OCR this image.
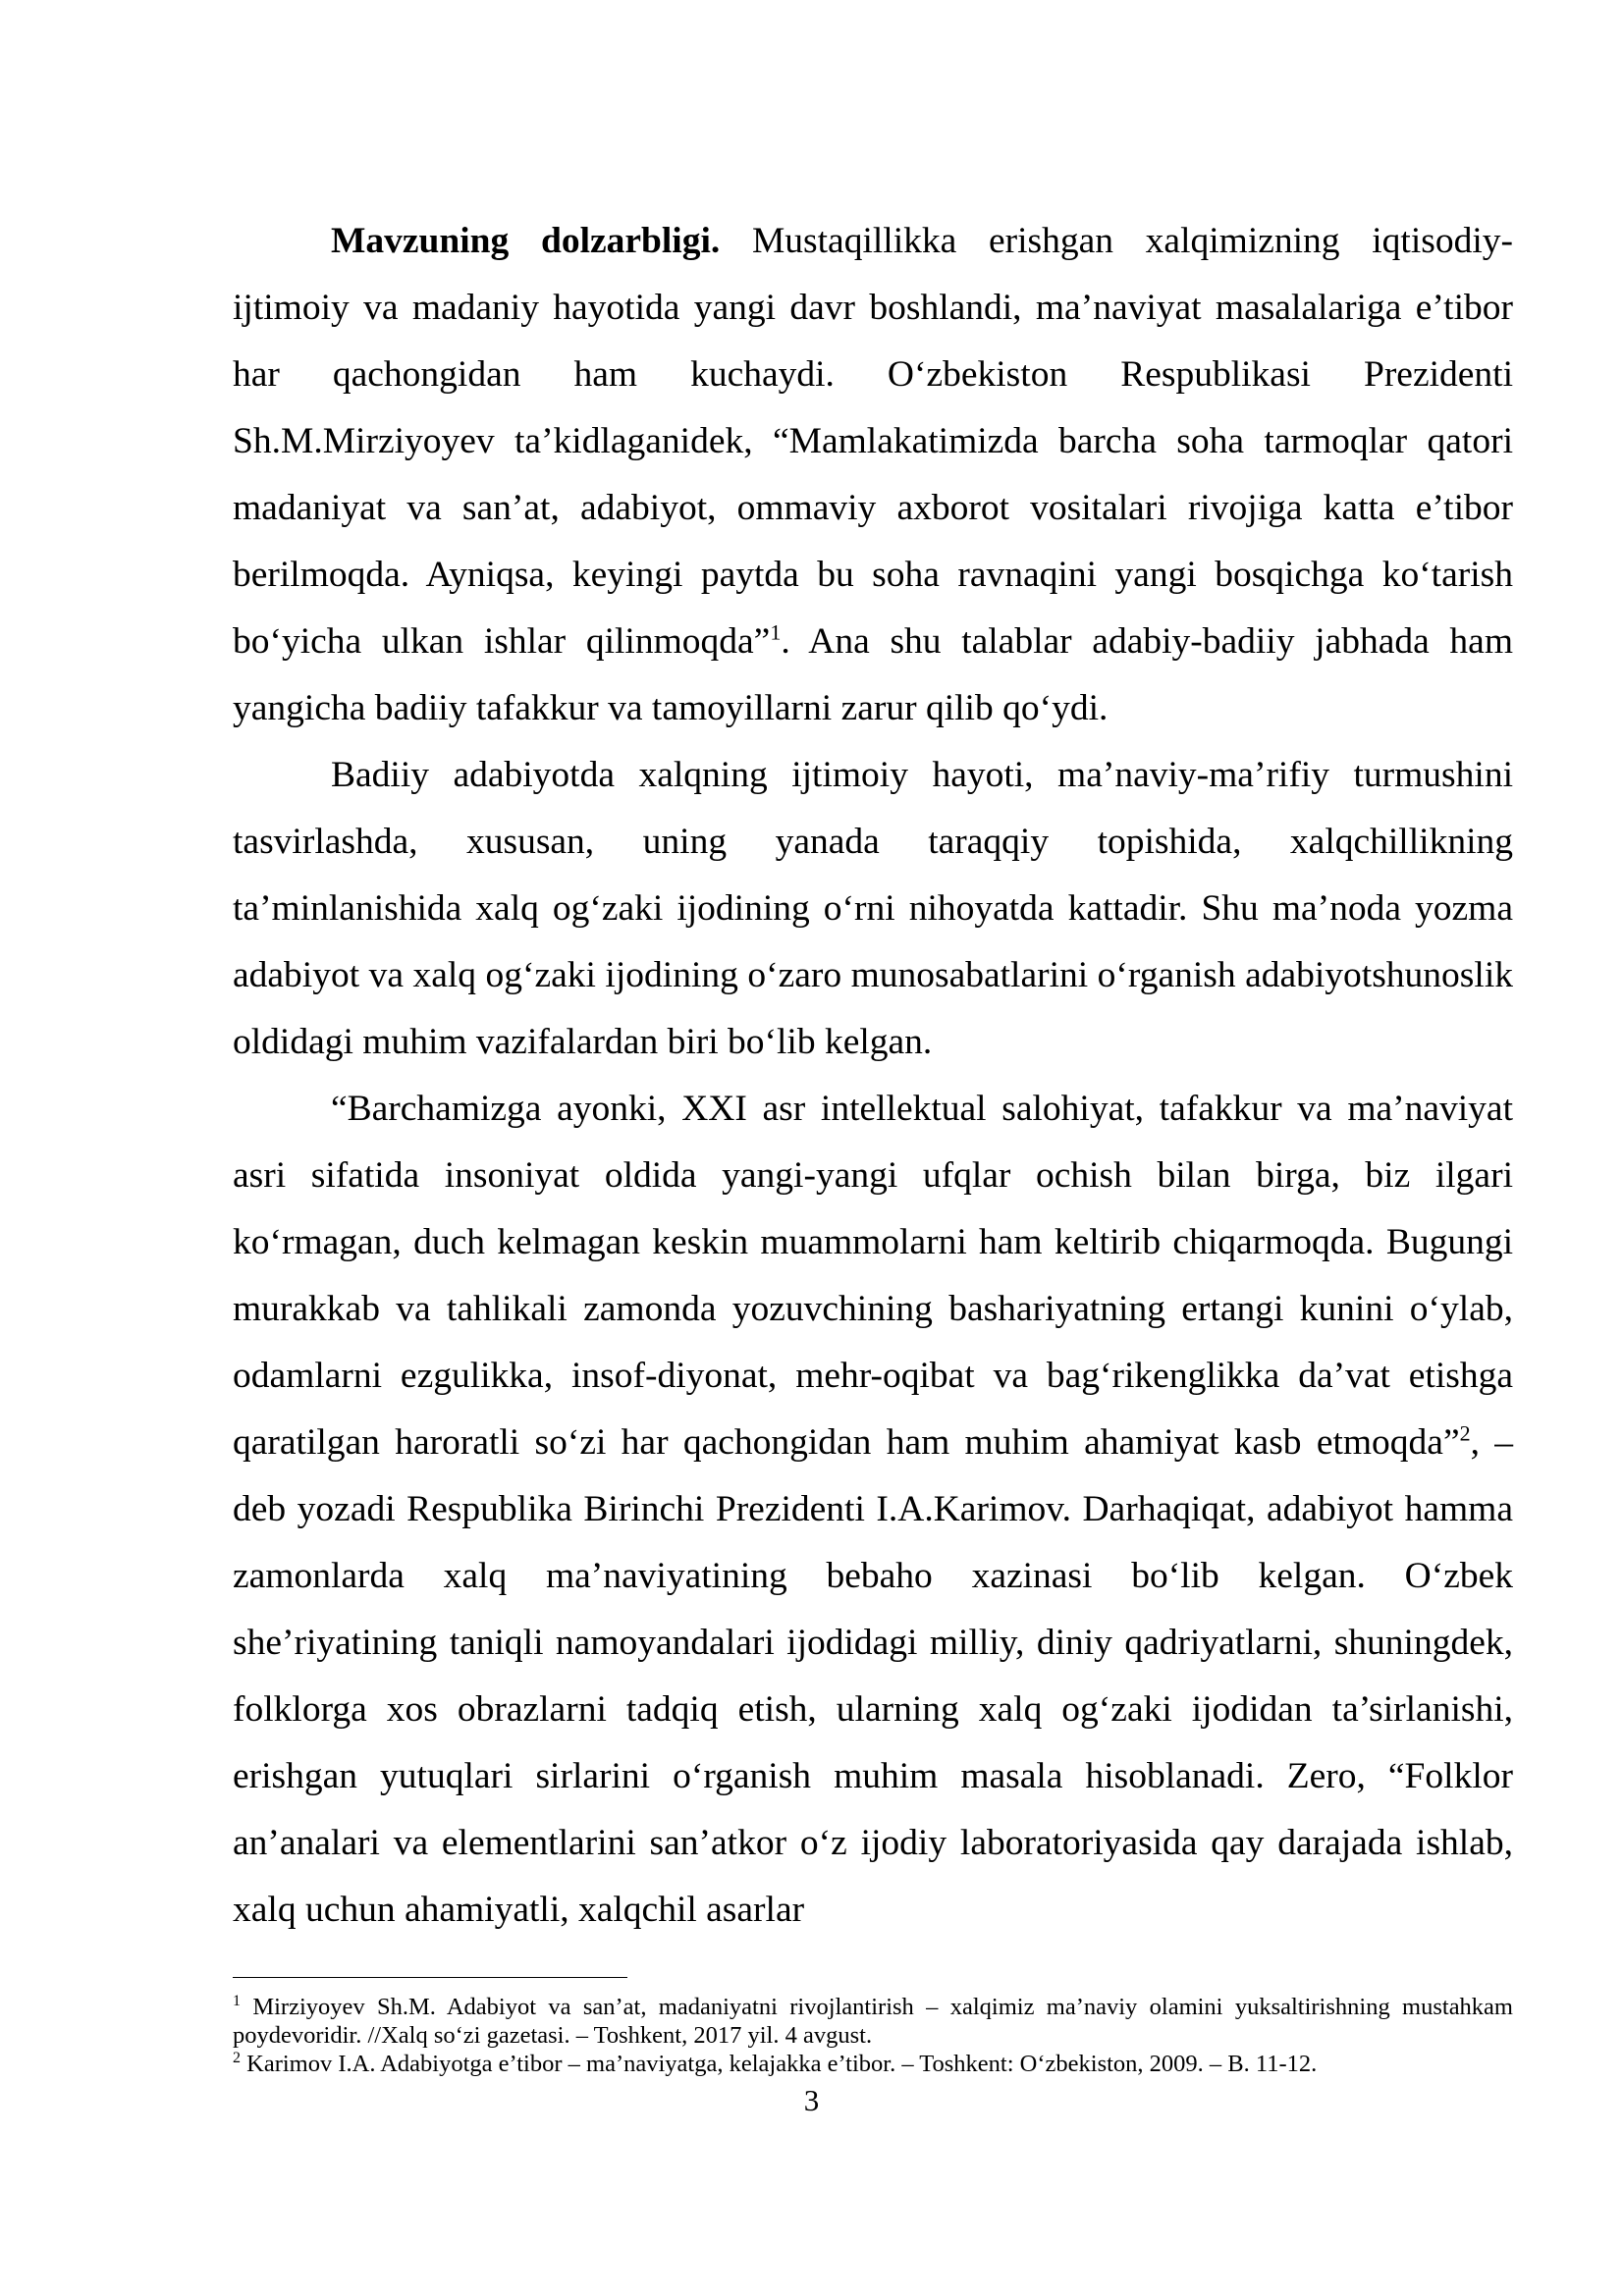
Mavzuning dolzarbligi. Mustaqillikka erishgan xalqimizning iqtisodiy-ijtimoiy va madaniy hayotida yangi davr boshlandi, ma’naviyat masalalariga e’tibor har qachongidan ham kuchaydi. O‘zbekiston Respublikasi Prezidenti Sh.M.Mirziyoyev ta’kidlaganidek, “Mamlakatimizda barcha soha tarmoqlar qatori madaniyat va san’at, adabiyot, ommaviy axborot vositalari rivojiga katta e’tibor berilmoqda. Ayniqsa, keyingi paytda bu soha ravnaqini yangi bosqichga ko‘tarish bo‘yicha ulkan ishlar qilinmoqda”$^1$. Ana shu talablar adabiy-badiiy jabhada ham yangicha badiiy tafakkur va tamoyillarni zarur qilib qo‘ydi.

Badiiy adabiyotda xalqning ijtimoiy hayoti, ma’naviy-ma’rifiy turmushini tasvirlashda, xususan, uning yanada taraqqiy topishida, xalqchillikning ta’minlanishida xalq og‘zaki ijodining o‘rni nihoyatda kattadir. Shu ma’noda yozma adabiyot va xalq og‘zaki ijodining o‘zaro munosabatlarini o‘rganish adabiyotshunoslik oldidagi muhim vazifalardan biri bo‘lib kelgan.

“Barchamizga ayonki, XXI asr intellektual salohiyat, tafakkur va ma’naviyat asri sifatida insoniyat oldida yangi-yangi ufqlar ochish bilan birga, biz ilgari ko‘rmagan, duch kelmagan keskin muammolarni ham keltirib chiqarmoqda. Bugungi murakkab va tahlikali zamonda yozuvchining bashariyatning ertangi kunini o‘ylab, odamlarni ezgulikka, insof-diyonat, mehr-oqibat va bag‘rikenglikka da’vat etishga qaratilgan haroratli so‘zi har qachongidan ham muhim ahamiyat kasb etmoqda”$^2$, – deb yozadi Respublika Birinchi Prezidenti I.A.Karimov. Darhaqiqat, adabiyot hamma zamonlarda xalq ma’naviyatining bebaho xazinasi bo‘lib kelgan. O‘zbek she’riyatining taniqli namoyandalari ijodidagi milliy, diniy qadriyatlarni, shuningdek, folklorga xos obrazlarni tadqiq etish, ularning xalq og‘zaki ijodidan ta’sirlanishi, erishgan yutuqlari sirlarini o‘rganish muhim masala hisoblanadi. Zero, “Folklor an’analari va elementlarini san’atkor o‘z ijodiy laboratoriyasida qay darajada ishlab, xalq uchun ahamiyatli, xalqchil asarlar

$^1$ Mirziyoyev Sh.M. Adabiyot va san’at, madaniyatni rivojlantirish – xalqimiz ma’naviy olamini yuksaltirishning mustahkam poydevoridir. //Xalq so‘zi gazetasi. – Toshkent, 2017 yil. 4 avgust.

$^2$ Karimov I.A. Adabiyotga e’tibor – ma’naviyatga, kelajakka e’tibor. – Toshkent: O‘zbekiston, 2009. – B. 11-12.

3
